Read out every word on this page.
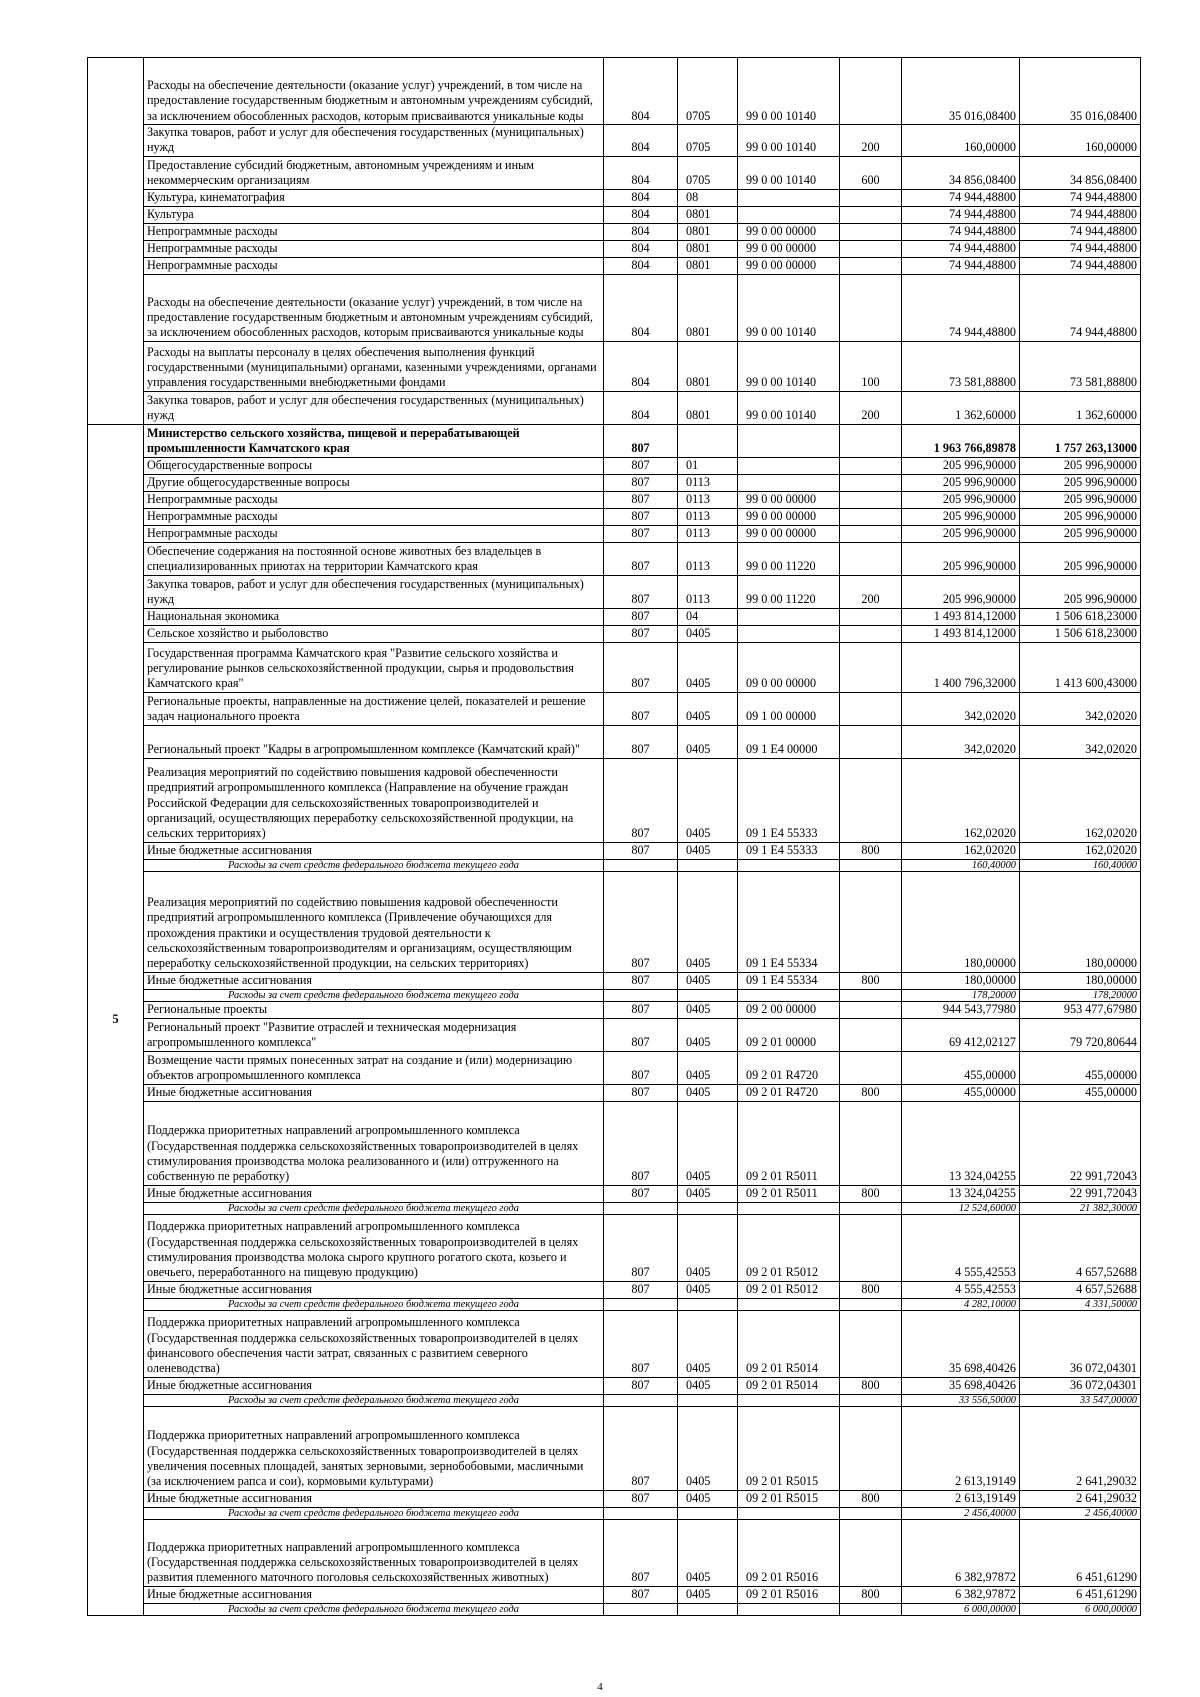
	Расходы на обеспечение деятельности (оказание услуг) учреждений, в том числе на предоставление государственным бюджетным и автономным учреждениям субсидий, за исключением обособленных расходов, которым присваиваются уникальные коды	804	0705	99 0 00 10140		35 016,08400	35 016,08400
	Закупка товаров, работ и услуг для обеспечения государственных (муниципальных) нужд	804	0705	99 0 00 10140	200	160,00000	160,00000
	Предоставление субсидий бюджетным, автономным учреждениям и иным некоммерческим организациям	804	0705	99 0 00 10140	600	34 856,08400	34 856,08400
	Культура, кинематография	804	08			74 944,48800	74 944,48800
	Культура	804	0801			74 944,48800	74 944,48800
	Непрограммные расходы	804	0801	99 0 00 00000		74 944,48800	74 944,48800
	Непрограммные расходы	804	0801	99 0 00 00000		74 944,48800	74 944,48800
	Непрограммные расходы	804	0801	99 0 00 00000		74 944,48800	74 944,48800
	Расходы на обеспечение деятельности (оказание услуг) учреждений, в том числе на предоставление государственным бюджетным и автономным учреждениям субсидий, за исключением обособленных расходов, которым присваиваются уникальные коды	804	0801	99 0 00 10140		74 944,48800	74 944,48800
	Расходы на выплаты персоналу в целях обеспечения выполнения функций государственными (муниципальными) органами, казенными учреждениями, органами управления государственными внебюджетными фондами	804	0801	99 0 00 10140	100	73 581,88800	73 581,88800
	Закупка товаров, работ и услуг для обеспечения государственных (муниципальных) нужд	804	0801	99 0 00 10140	200	1 362,60000	1 362,60000
5	Министерство сельского хозяйства, пищевой и перерабатывающей промышленности Камчатского края	807				1 963 766,89878	1 757 263,13000
	Общегосударственные вопросы	807	01			205 996,90000	205 996,90000
	Другие общегосударственные вопросы	807	0113			205 996,90000	205 996,90000
	Непрограммные расходы	807	0113	99 0 00 00000		205 996,90000	205 996,90000
	Непрограммные расходы	807	0113	99 0 00 00000		205 996,90000	205 996,90000
	Непрограммные расходы	807	0113	99 0 00 00000		205 996,90000	205 996,90000
	Обеспечение содержания на постоянной основе животных без владельцев в специализированных приютах на территории Камчатского края	807	0113	99 0 00 11220		205 996,90000	205 996,90000
	Закупка товаров, работ и услуг для обеспечения государственных (муниципальных) нужд	807	0113	99 0 00 11220	200	205 996,90000	205 996,90000
	Национальная экономика	807	04			1 493 814,12000	1 506 618,23000
	Сельское хозяйство и рыболовство	807	0405			1 493 814,12000	1 506 618,23000
	Государственная программа Камчатского края "Развитие сельского хозяйства и регулирование рынков сельскохозяйственной продукции, сырья и продовольствия Камчатского края"	807	0405	09 0 00 00000		1 400 796,32000	1 413 600,43000
	Региональные проекты, направленные на достижение целей, показателей и решение задач национального проекта	807	0405	09 1 00 00000		342,02020	342,02020
	Региональный проект "Кадры в агропромышленном комплексе (Камчатский край)"	807	0405	09 1 E4 00000		342,02020	342,02020
	Реализация мероприятий по содействию повышения кадровой обеспеченности предприятий агропромышленного комплекса (Направление на обучение граждан Российской Федерации для сельскохозяйственных товаропроизводителей и организаций, осуществляющих переработку сельскохозяйственной продукции, на сельских территориях)	807	0405	09 1 E4 55333		162,02020	162,02020
	Иные бюджетные ассигнования	807	0405	09 1 E4 55333	800	162,02020	162,02020
	Расходы за счет средств федерального бюджета текущего года					160,40000	160,40000
	Реализация мероприятий по содействию повышения кадровой обеспеченности предприятий агропромышленного комплекса (Привлечение обучающихся для прохождения практики и осуществления трудовой деятельности к сельскохозяйственным товаропроизводителям и организациям, осуществляющим переработку сельскохозяйственной продукции, на сельских территориях)	807	0405	09 1 E4 55334		180,00000	180,00000
	Иные бюджетные ассигнования	807	0405	09 1 E4 55334	800	180,00000	180,00000
	Расходы за счет средств федерального бюджета текущего года					178,20000	178,20000
	Региональные проекты	807	0405	09 2 00 00000		944 543,77980	953 477,67980
	Региональный проект "Развитие отраслей и техническая модернизация агропромышленного комплекса"	807	0405	09 2 01 00000		69 412,02127	79 720,80644
	Возмещение части прямых понесенных затрат на создание и (или) модернизацию объектов агропромышленного комплекса	807	0405	09 2 01 R4720		455,00000	455,00000
	Иные бюджетные ассигнования	807	0405	09 2 01 R4720	800	455,00000	455,00000
	Поддержка приоритетных направлений агропромышленного комплекса (Государственная поддержка сельскохозяйственных товаропроизводителей в целях стимулирования производства молока реализованного и (или) отгруженного на собственную пе реработку)	807	0405	09 2 01 R5011		13 324,04255	22 991,72043
	Иные бюджетные ассигнования	807	0405	09 2 01 R5011	800	13 324,04255	22 991,72043
	Расходы за счет средств федерального бюджета текущего года					12 524,60000	21 382,30000
	Поддержка приоритетных направлений агропромышленного комплекса (Государственная поддержка сельскохозяйственных товаропроизводителей в целях стимулирования производства молока сырого крупного рогатого скота, козьего и овечьего, переработанного на пищевую продукцию)	807	0405	09 2 01 R5012		4 555,42553	4 657,52688
	Иные бюджетные ассигнования	807	0405	09 2 01 R5012	800	4 555,42553	4 657,52688
	Расходы за счет средств федерального бюджета текущего года					4 282,10000	4 331,50000
	Поддержка приоритетных направлений агропромышленного комплекса (Государственная поддержка сельскохозяйственных товаропроизводителей в целях финансового обеспечения части затрат, связанных с развитием северного оленеводства)	807	0405	09 2 01 R5014		35 698,40426	36 072,04301
	Иные бюджетные ассигнования	807	0405	09 2 01 R5014	800	35 698,40426	36 072,04301
	Расходы за счет средств федерального бюджета текущего года					33 556,50000	33 547,00000
	Поддержка приоритетных направлений агропромышленного комплекса (Государственная поддержка сельскохозяйственных товаропроизводителей в целях увеличения посевных площадей, занятых зерновыми, зернобобовыми, масличными (за исключением рапса и сои), кормовыми культурами)	807	0405	09 2 01 R5015		2 613,19149	2 641,29032
	Иные бюджетные ассигнования	807	0405	09 2 01 R5015	800	2 613,19149	2 641,29032
	Расходы за счет средств федерального бюджета текущего года					2 456,40000	2 456,40000
	Поддержка приоритетных направлений агропромышленного комплекса (Государственная поддержка сельскохозяйственных товаропроизводителей в целях развития племенного маточного поголовья сельскохозяйственных животных)	807	0405	09 2 01 R5016		6 382,97872	6 451,61290
	Иные бюджетные ассигнования	807	0405	09 2 01 R5016	800	6 382,97872	6 451,61290
	Расходы за счет средств федерального бюджета текущего года					6 000,00000	6 000,00000
4
